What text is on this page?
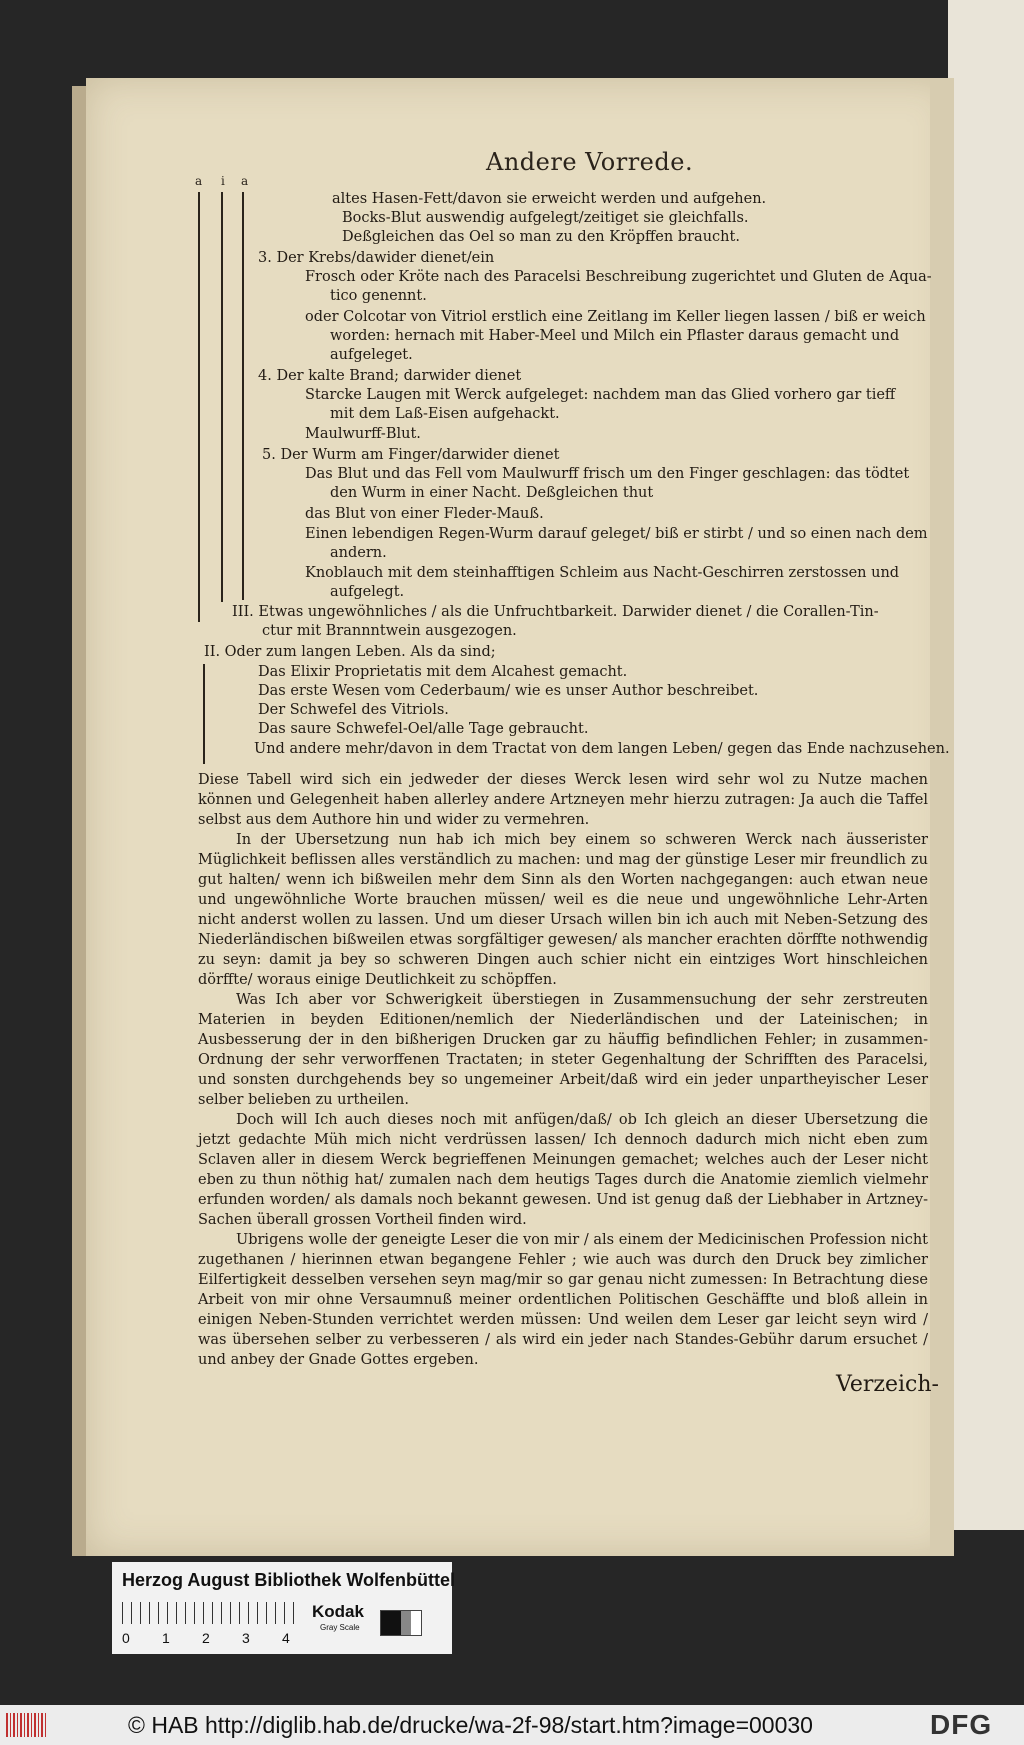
Andere Vorrede.
a i a
altes Hasen-Fett/davon sie erweicht werden und aufgehen.
Bocks-Blut auswendig aufgelegt/zeitiget sie gleichfalls.
Deßgleichen das Oel so man zu den Kröpffen braucht.
3. Der Krebs/dawider dienet/ein
Frosch oder Kröte nach des Paracelsi Beschreibung zugerichtet und Gluten de Aqua-
tico genennt.
oder Colcotar von Vitriol erstlich eine Zeitlang im Keller liegen lassen / biß er weich
worden: hernach mit Haber-Meel und Milch ein Pflaster daraus gemacht und
aufgeleget.
4. Der kalte Brand; darwider dienet
Starcke Laugen mit Werck aufgeleget: nachdem man das Glied vorhero gar tieff
mit dem Laß-Eisen aufgehackt.
Maulwurff-Blut.
5. Der Wurm am Finger/darwider dienet
Das Blut und das Fell vom Maulwurff frisch um den Finger geschlagen: das tödtet
den Wurm in einer Nacht. Deßgleichen thut
das Blut von einer Fleder-Mauß.
Einen lebendigen Regen-Wurm darauf geleget/ biß er stirbt / und so einen nach dem
andern.
Knoblauch mit dem steinhafftigen Schleim aus Nacht-Geschirren zerstossen und
aufgelegt.
III. Etwas ungewöhnliches / als die Unfruchtbarkeit. Darwider dienet / die Corallen-Tin-
ctur mit Brannntwein ausgezogen.
II. Oder zum langen Leben. Als da sind;
Das Elixir Proprietatis mit dem Alcahest gemacht.
Das erste Wesen vom Cederbaum/ wie es unser Author beschreibet.
Der Schwefel des Vitriols.
Das saure Schwefel-Oel/alle Tage gebraucht.
Und andere mehr/davon in dem Tractat von dem langen Leben/ gegen das Ende nachzusehen.

Diese Tabell wird sich ein jedweder der dieses Werck lesen wird sehr wol zu Nutze machen können und Gelegenheit haben allerley andere Artzneyen mehr hierzu zutragen: Ja auch die Taffel selbst aus dem Authore hin und wider zu vermehren.

In der Ubersetzung nun hab ich mich bey einem so schweren Werck nach äusserister Müglichkeit beflissen alles verständlich zu machen: und mag der günstige Leser mir freundlich zu gut halten/ wenn ich bißweilen mehr dem Sinn als den Worten nachgegangen: auch etwan neue und ungewöhnliche Worte brauchen müssen/ weil es die neue und ungewöhnliche Lehr-Arten nicht anderst wollen zu lassen. Und um dieser Ursach willen bin ich auch mit Neben-Setzung des Niederländischen bißweilen etwas sorgfältiger gewesen/ als mancher erachten dörffte nothwendig zu seyn: damit ja bey so schweren Dingen auch schier nicht ein eintziges Wort hinschleichen dörffte/ woraus einige Deutlichkeit zu schöpffen.

Was Ich aber vor Schwerigkeit überstiegen in Zusammensuchung der sehr zerstreuten Materien in beyden Editionen/nemlich der Niederländischen und der Lateinischen; in Ausbesserung der in den bißherigen Drucken gar zu häuffig befindlichen Fehler; in zusammen-Ordnung der sehr verworffenen Tractaten; in steter Gegenhaltung der Schrifften des Paracelsi, und sonsten durchgehends bey so ungemeiner Arbeit/daß wird ein jeder unpartheyischer Leser selber belieben zu urtheilen.

Doch will Ich auch dieses noch mit anfügen/daß/ ob Ich gleich an dieser Ubersetzung die jetzt gedachte Müh mich nicht verdrüssen lassen/ Ich dennoch dadurch mich nicht eben zum Sclaven aller in diesem Werck begrieffenen Meinungen gemachet; welches auch der Leser nicht eben zu thun nöthig hat/ zumalen nach dem heutigs Tages durch die Anatomie ziemlich vielmehr erfunden worden/ als damals noch bekannt gewesen. Und ist genug daß der Liebhaber in Artzney-Sachen überall grossen Vortheil finden wird.

Ubrigens wolle der geneigte Leser die von mir / als einem der Medicinischen Profession nicht zugethanen / hierinnen etwan begangene Fehler ; wie auch was durch den Druck bey zimlicher Eilfertigkeit desselben versehen seyn mag/mir so gar genau nicht zumessen: In Betrachtung diese Arbeit von mir ohne Versaumnuß meiner ordentlichen Politischen Geschäffte und bloß allein in einigen Neben-Stunden verrichtet werden müssen: Und weilen dem Leser gar leicht seyn wird / was übersehen selber zu verbesseren / als wird ein jeder nach Standes-Gebühr darum ersuchet / und anbey der Gnade Gottes ergeben.

Verzeich-
Herzog August Bibliothek Wolfenbüttel
0 1 2 3 4
Kodak
Gray Scale
© HAB http://diglib.hab.de/drucke/wa-2f-98/start.htm?image=00030	DFG
